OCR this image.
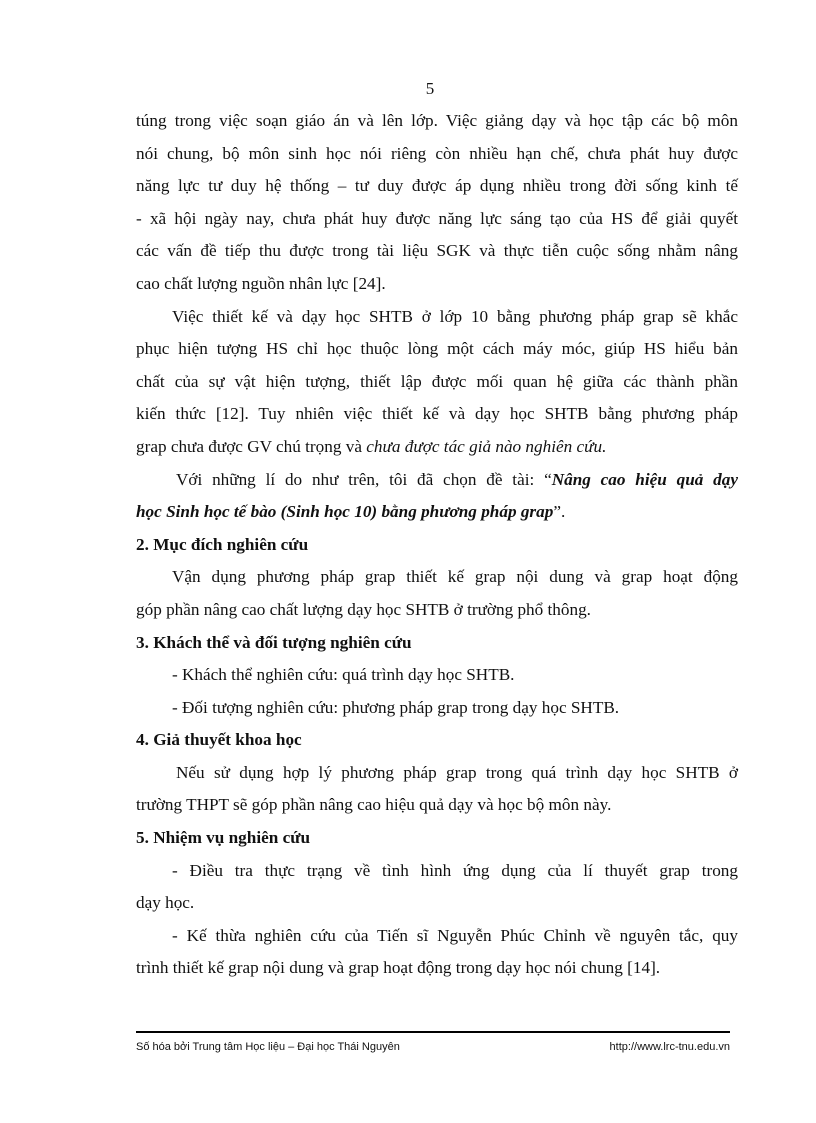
5
túng trong việc soạn giáo án và lên lớp. Việc giảng dạy và học tập các bộ môn
nói chung, bộ môn sinh học nói riêng còn nhiều hạn chế, chưa phát huy được
năng lực tư duy hệ thống – tư duy được áp dụng nhiều trong đời sống kinh tế
- xã hội ngày nay, chưa phát huy được năng lực sáng tạo của HS để giải quyết
các vấn đề tiếp thu được trong tài liệu SGK và thực tiễn cuộc sống nhằm nâng
cao chất lượng nguồn nhân lực [24].
Việc thiết kế và dạy học SHTB ở lớp 10 bằng phương pháp grap sẽ khắc
phục hiện tượng HS chỉ học thuộc lòng một cách máy móc, giúp HS hiểu bản
chất của sự vật hiện tượng, thiết lập được mối quan hệ giữa các thành phần
kiến thức [12]. Tuy nhiên việc thiết kế và dạy học SHTB bằng phương pháp
grap chưa được GV chú trọng và chưa được tác giả nào nghiên cứu.
Với những lí do như trên, tôi đã chọn đề tài: “Nâng cao hiệu quả dạy
học Sinh học tế bào (Sinh học 10) bằng phương pháp grap”.
2. Mục đích nghiên cứu
Vận dụng phương pháp grap thiết kế grap nội dung và grap hoạt động
góp phần nâng cao chất lượng dạy học SHTB ở trường phổ thông.
3. Khách thể và đối tượng nghiên cứu
- Khách thể nghiên cứu: quá trình dạy học SHTB.
- Đối tượng nghiên cứu: phương pháp grap trong dạy học SHTB.
4. Giả thuyết khoa học
Nếu sử dụng hợp lý phương pháp grap trong quá trình dạy học SHTB ở
trường THPT sẽ góp phần nâng cao hiệu quả dạy và học bộ môn này.
5. Nhiệm vụ nghiên cứu
- Điều tra thực trạng về tình hình ứng dụng của lí thuyết grap trong
dạy học.
- Kế thừa nghiên cứu của Tiến sĩ Nguyễn Phúc Chỉnh về nguyên tắc, quy
trình thiết kế grap nội dung và grap hoạt động trong dạy học nói chung [14].
Số hóa bởi Trung tâm Học liệu – Đại học Thái Nguyên	http://www.lrc-tnu.edu.vn
